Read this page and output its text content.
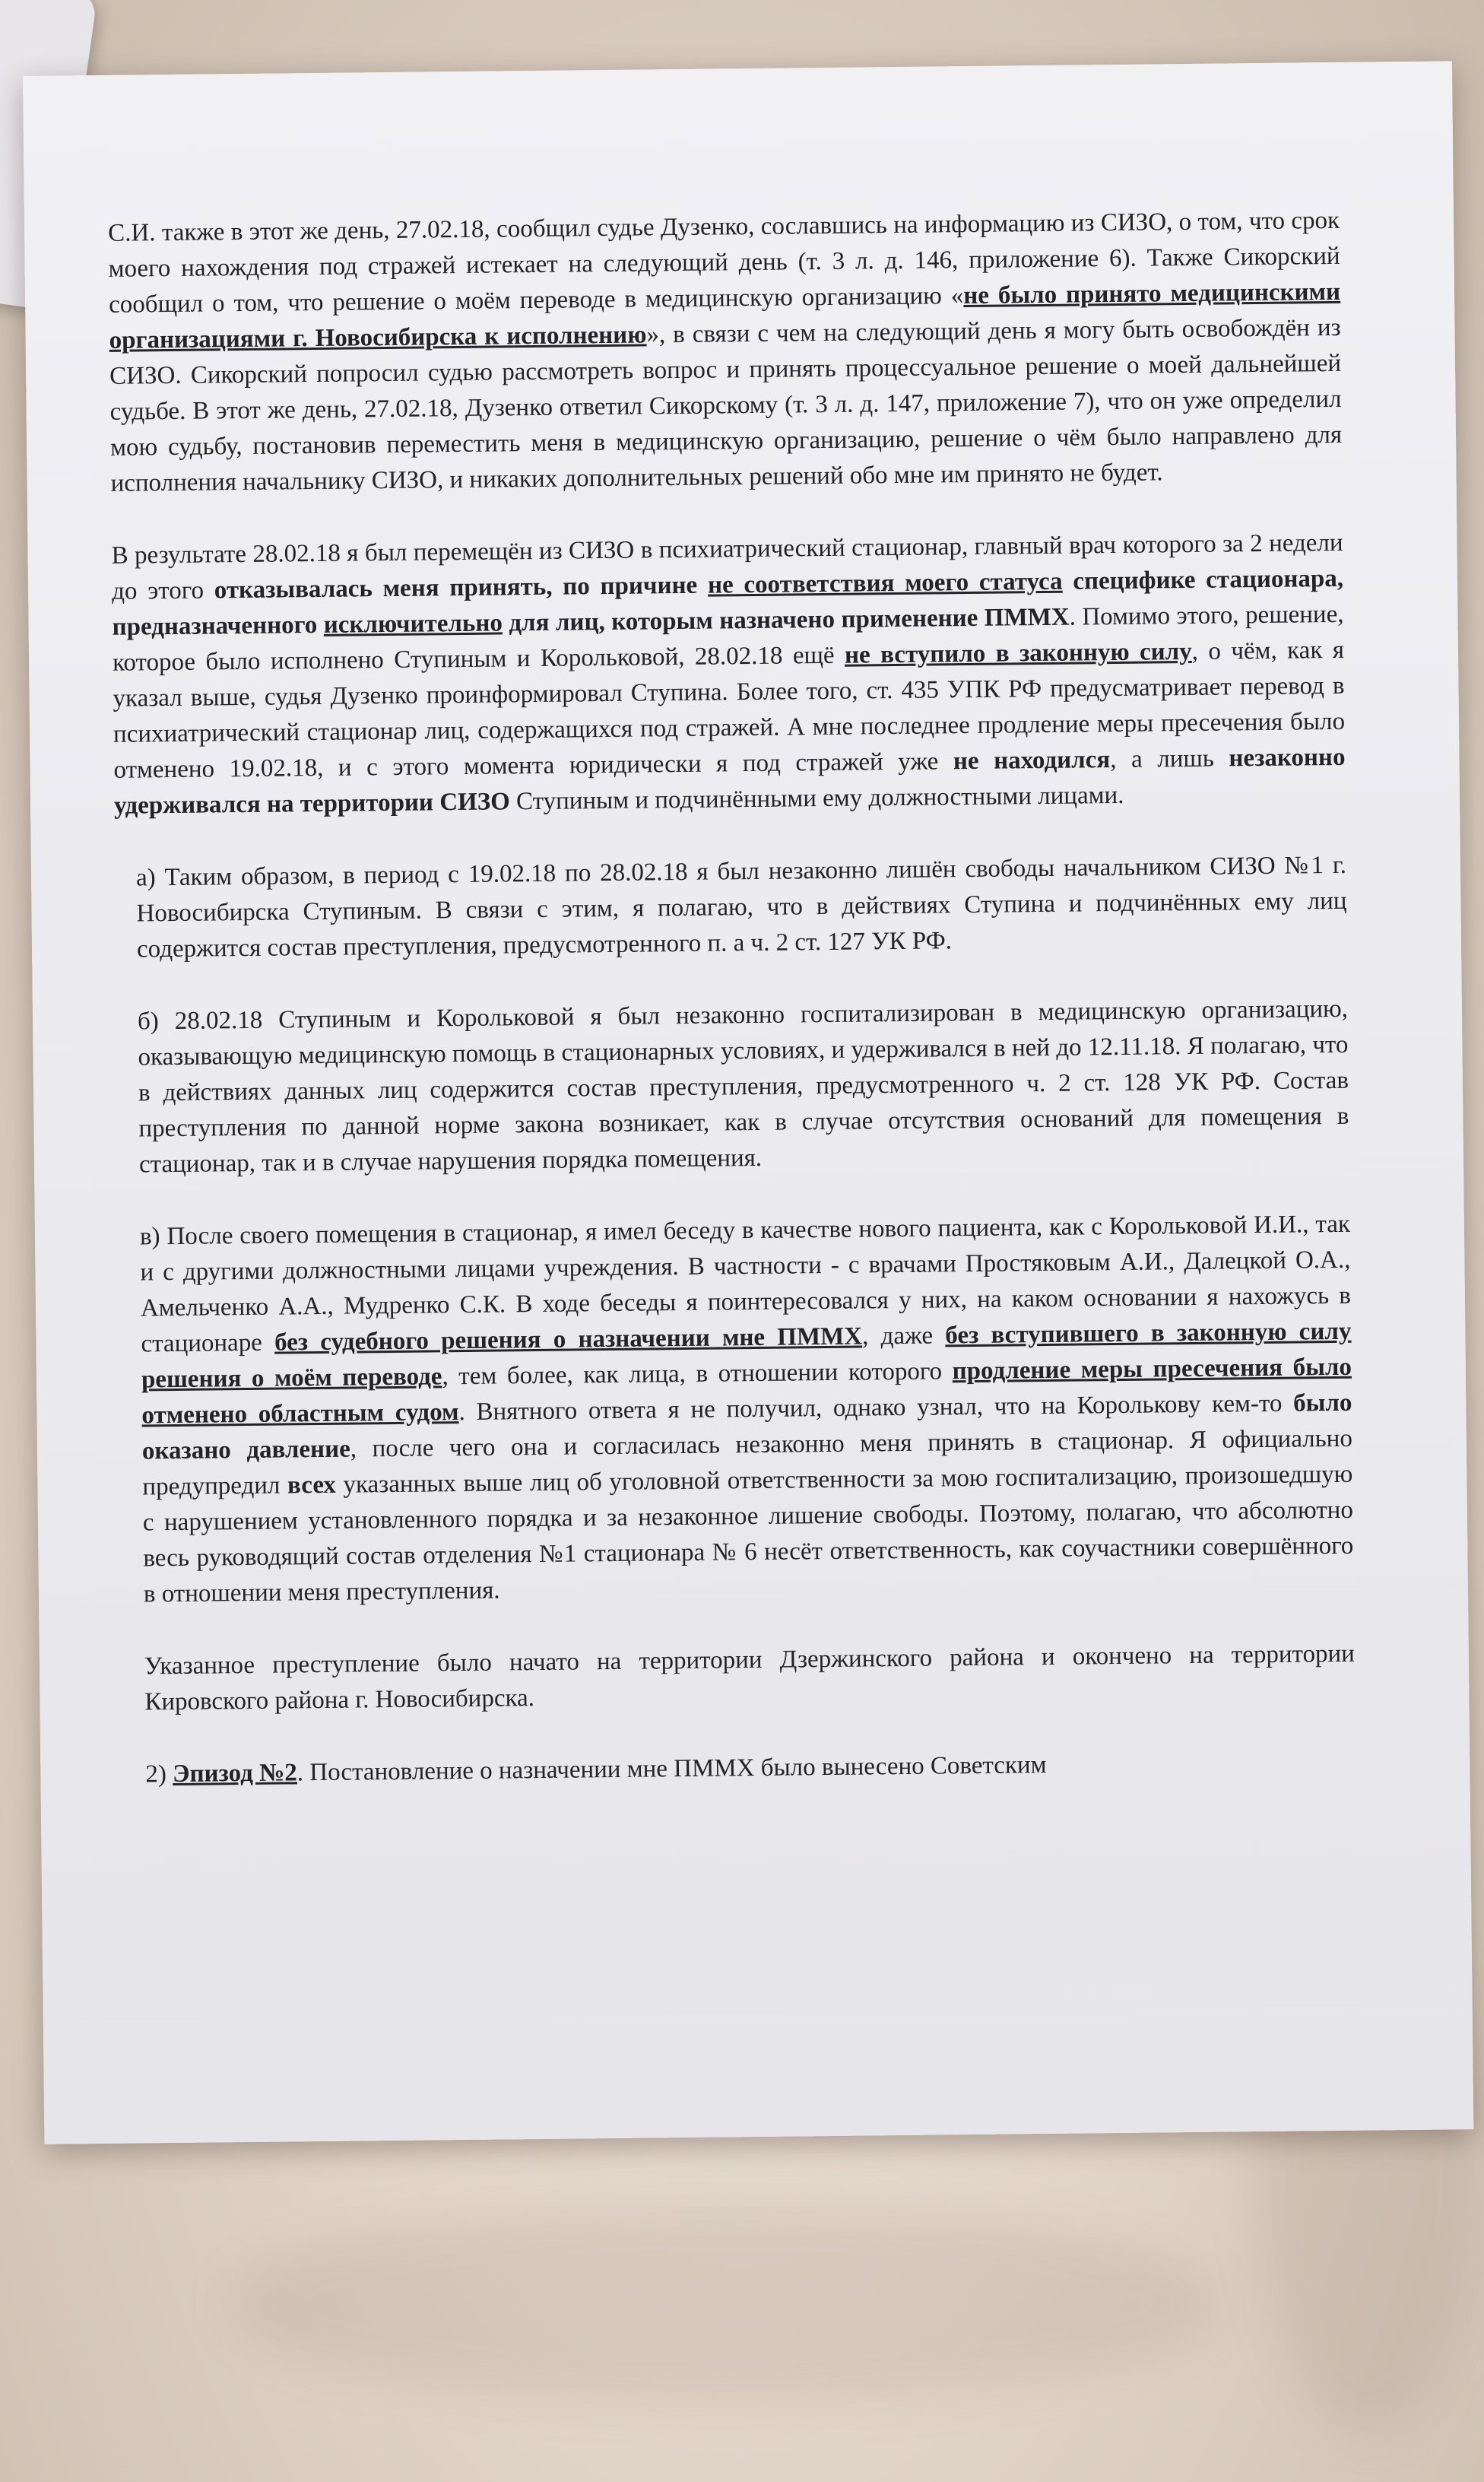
С.И. также в этот же день, 27.02.18, сообщил судье Дузенко, сославшись на информацию из СИЗО, о том, что срок моего нахождения под стражей истекает на следующий день (т. 3 л. д. 146, приложение 6). Также Сикорский сообщил о том, что решение о моём переводе в медицинскую организацию «не было принято медицинскими организациями г. Новосибирска к исполнению», в связи с чем на следующий день я могу быть освобождён из СИЗО. Сикорский попросил судью рассмотреть вопрос и принять процессуальное решение о моей дальнейшей судьбе. В этот же день, 27.02.18, Дузенко ответил Сикорскому (т. 3 л. д. 147, приложение 7), что он уже определил мою судьбу, постановив переместить меня в медицинскую организацию, решение о чём было направлено для исполнения начальнику СИЗО, и никаких дополнительных решений обо мне им принято не будет.

В результате 28.02.18 я был перемещён из СИЗО в психиатрический стационар, главный врач которого за 2 недели до этого отказывалась меня принять, по причине не соответствия моего статуса специфике стационара, предназначенного исключительно для лиц, которым назначено применение ПММХ. Помимо этого, решение, которое было исполнено Ступиным и Корольковой, 28.02.18 ещё не вступило в законную силу, о чём, как я указал выше, судья Дузенко проинформировал Ступина. Более того, ст. 435 УПК РФ предусматривает перевод в психиатрический стационар лиц, содержащихся под стражей. А мне последнее продление меры пресечения было отменено 19.02.18, и с этого момента юридически я под стражей уже не находился, а лишь незаконно удерживался на территории СИЗО Ступиным и подчинёнными ему должностными лицами.

а) Таким образом, в период с 19.02.18 по 28.02.18 я был незаконно лишён свободы начальником СИЗО №1 г. Новосибирска Ступиным. В связи с этим, я полагаю, что в действиях Ступина и подчинённых ему лиц содержится состав преступления, предусмотренного п. а ч. 2 ст. 127 УК РФ.

б) 28.02.18 Ступиным и Корольковой я был незаконно госпитализирован в медицинскую организацию, оказывающую медицинскую помощь в стационарных условиях, и удерживался в ней до 12.11.18. Я полагаю, что в действиях данных лиц содержится состав преступления, предусмотренного ч. 2 ст. 128 УК РФ. Состав преступления по данной норме закона возникает, как в случае отсутствия оснований для помещения в стационар, так и в случае нарушения порядка помещения.

в) После своего помещения в стационар, я имел беседу в качестве нового пациента, как с Корольковой И.И., так и с другими должностными лицами учреждения. В частности - с врачами Простяковым А.И., Далецкой О.А., Амельченко А.А., Мудренко С.К. В ходе беседы я поинтересовался у них, на каком основании я нахожусь в стационаре без судебного решения о назначении мне ПММХ, даже без вступившего в законную силу решения о моём переводе, тем более, как лица, в отношении которого продление меры пресечения было отменено областным судом. Внятного ответа я не получил, однако узнал, что на Королькову кем-то было оказано давление, после чего она и согласилась незаконно меня принять в стационар. Я официально предупредил всех указанных выше лиц об уголовной ответственности за мою госпитализацию, произошедшую с нарушением установленного порядка и за незаконное лишение свободы. Поэтому, полагаю, что абсолютно весь руководящий состав отделения №1 стационара № 6 несёт ответственность, как соучастники совершённого в отношении меня преступления.

Указанное преступление было начато на территории Дзержинского района и окончено на территории Кировского района г. Новосибирска.

2) Эпизод №2. Постановление о назначении мне ПММХ было вынесено Советским
